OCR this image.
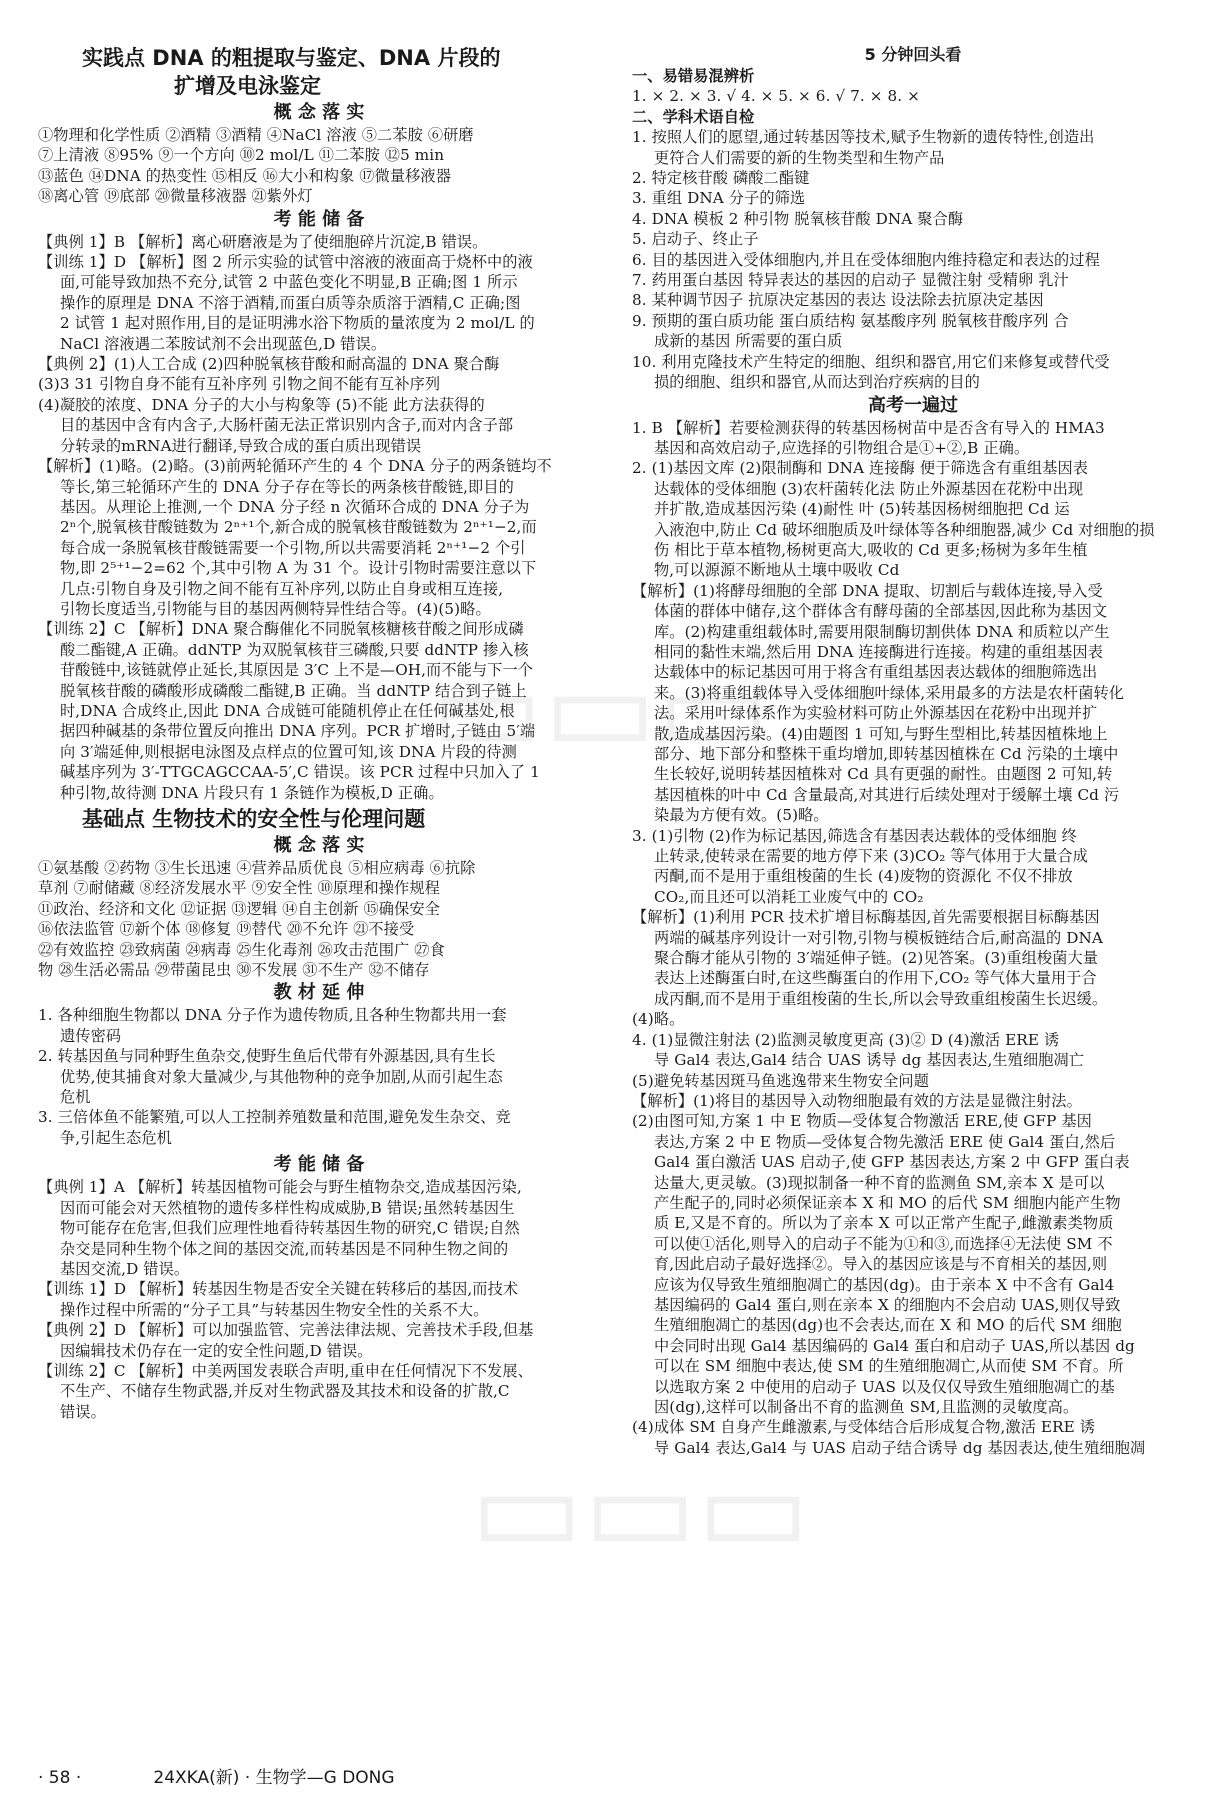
▭▭▭
▭▭▭
实践点 DNA 的粗提取与鉴定、DNA 片段的
扩增及电泳鉴定
概 念 落 实
①物理和化学性质 ②酒精 ③酒精 ④NaCl 溶液 ⑤二苯胺 ⑥研磨
⑦上清液 ⑧95% ⑨一个方向 ⑩2 mol/L ⑪二苯胺 ⑫5 min
⑬蓝色 ⑭DNA 的热变性 ⑮相反 ⑯大小和构象 ⑰微量移液器
⑱离心管 ⑲底部 ⑳微量移液器 ㉑紫外灯
考 能 储 备
【典例 1】B 【解析】离心研磨液是为了使细胞碎片沉淀,B 错误。
【训练 1】D 【解析】图 2 所示实验的试管中溶液的液面高于烧杯中的液
面,可能导致加热不充分,试管 2 中蓝色变化不明显,B 正确;图 1 所示
操作的原理是 DNA 不溶于酒精,而蛋白质等杂质溶于酒精,C 正确;图
2 试管 1 起对照作用,目的是证明沸水浴下物质的量浓度为 2 mol/L 的
NaCl 溶液遇二苯胺试剂不会出现蓝色,D 错误。
【典例 2】(1)人工合成 (2)四种脱氧核苷酸和耐高温的 DNA 聚合酶
(3)3 31 引物自身不能有互补序列 引物之间不能有互补序列
(4)凝胶的浓度、DNA 分子的大小与构象等 (5)不能 此方法获得的
目的基因中含有内含子,大肠杆菌无法正常识别内含子,而对内含子部
分转录的mRNA进行翻译,导致合成的蛋白质出现错误
【解析】(1)略。(2)略。(3)前两轮循环产生的 4 个 DNA 分子的两条链均不
等长,第三轮循环产生的 DNA 分子存在等长的两条核苷酸链,即目的
基因。从理论上推测,一个 DNA 分子经 n 次循环合成的 DNA 分子为
2ⁿ个,脱氧核苷酸链数为 2ⁿ⁺¹个,新合成的脱氧核苷酸链数为 2ⁿ⁺¹−2,而
每合成一条脱氧核苷酸链需要一个引物,所以共需要消耗 2ⁿ⁺¹−2 个引
物,即 2⁵⁺¹−2=62 个,其中引物 A 为 31 个。设计引物时需要注意以下
几点:引物自身及引物之间不能有互补序列,以防止自身或相互连接,
引物长度适当,引物能与目的基因两侧特异性结合等。(4)(5)略。
【训练 2】C 【解析】DNA 聚合酶催化不同脱氧核糖核苷酸之间形成磷
酸二酯键,A 正确。ddNTP 为双脱氧核苷三磷酸,只要 ddNTP 掺入核
苷酸链中,该链就停止延长,其原因是 3′C 上不是—OH,而不能与下一个
脱氧核苷酸的磷酸形成磷酸二酯键,B 正确。当 ddNTP 结合到子链上
时,DNA 合成终止,因此 DNA 合成链可能随机停止在任何碱基处,根
据四种碱基的条带位置反向推出 DNA 序列。PCR 扩增时,子链由 5′端
向 3′端延伸,则根据电泳图及点样点的位置可知,该 DNA 片段的待测
碱基序列为 3′-TTGCAGCCAA-5′,C 错误。该 PCR 过程中只加入了 1
种引物,故待测 DNA 片段只有 1 条链作为模板,D 正确。
基础点 生物技术的安全性与伦理问题
概 念 落 实
①氨基酸 ②药物 ③生长迅速 ④营养品质优良 ⑤相应病毒 ⑥抗除
草剂 ⑦耐储藏 ⑧经济发展水平 ⑨安全性 ⑩原理和操作规程
⑪政治、经济和文化 ⑫证据 ⑬逻辑 ⑭自主创新 ⑮确保安全
⑯依法监管 ⑰新个体 ⑱修复 ⑲替代 ⑳不允许 ㉑不接受
㉒有效监控 ㉓致病菌 ㉔病毒 ㉕生化毒剂 ㉖攻击范围广 ㉗食
物 ㉘生活必需品 ㉙带菌昆虫 ㉚不发展 ㉛不生产 ㉜不储存
教 材 延 伸
1. 各种细胞生物都以 DNA 分子作为遗传物质,且各种生物都共用一套
遗传密码
2. 转基因鱼与同种野生鱼杂交,使野生鱼后代带有外源基因,具有生长
优势,使其捕食对象大量减少,与其他物种的竞争加剧,从而引起生态
危机
3. 三倍体鱼不能繁殖,可以人工控制养殖数量和范围,避免发生杂交、竞
争,引起生态危机
考 能 储 备
【典例 1】A 【解析】转基因植物可能会与野生植物杂交,造成基因污染,
因而可能会对天然植物的遗传多样性构成威胁,B 错误;虽然转基因生
物可能存在危害,但我们应理性地看待转基因生物的研究,C 错误;自然
杂交是同种生物个体之间的基因交流,而转基因是不同种生物之间的
基因交流,D 错误。
【训练 1】D 【解析】转基因生物是否安全关键在转移后的基因,而技术
操作过程中所需的“分子工具”与转基因生物安全性的关系不大。
【典例 2】D 【解析】可以加强监管、完善法律法规、完善技术手段,但基
因编辑技术仍存在一定的安全性问题,D 错误。
【训练 2】C 【解析】中美两国发表联合声明,重申在任何情况下不发展、
不生产、不储存生物武器,并反对生物武器及其技术和设备的扩散,C
错误。
5 分钟回头看
一、易错易混辨析
1. × 2. × 3. √ 4. × 5. × 6. √ 7. × 8. ×
二、学科术语自检
1. 按照人们的愿望,通过转基因等技术,赋予生物新的遗传特性,创造出
更符合人们需要的新的生物类型和生物产品
2. 特定核苷酸 磷酸二酯键
3. 重组 DNA 分子的筛选
4. DNA 模板 2 种引物 脱氧核苷酸 DNA 聚合酶
5. 启动子、终止子
6. 目的基因进入受体细胞内,并且在受体细胞内维持稳定和表达的过程
7. 药用蛋白基因 特异表达的基因的启动子 显微注射 受精卵 乳汁
8. 某种调节因子 抗原决定基因的表达 设法除去抗原决定基因
9. 预期的蛋白质功能 蛋白质结构 氨基酸序列 脱氧核苷酸序列 合
成新的基因 所需要的蛋白质
10. 利用克隆技术产生特定的细胞、组织和器官,用它们来修复或替代受
损的细胞、组织和器官,从而达到治疗疾病的目的
高考一遍过
1. B 【解析】若要检测获得的转基因杨树苗中是否含有导入的 HMA3
基因和高效启动子,应选择的引物组合是①+②,B 正确。
2. (1)基因文库 (2)限制酶和 DNA 连接酶 便于筛选含有重组基因表
达载体的受体细胞 (3)农杆菌转化法 防止外源基因在花粉中出现
并扩散,造成基因污染 (4)耐性 叶 (5)转基因杨树细胞把 Cd 运
入液泡中,防止 Cd 破坏细胞质及叶绿体等各种细胞器,减少 Cd 对细胞的损
伤 相比于草本植物,杨树更高大,吸收的 Cd 更多;杨树为多年生植
物,可以源源不断地从土壤中吸收 Cd
【解析】(1)将酵母细胞的全部 DNA 提取、切割后与载体连接,导入受
体菌的群体中储存,这个群体含有酵母菌的全部基因,因此称为基因文
库。(2)构建重组载体时,需要用限制酶切割供体 DNA 和质粒以产生
相同的黏性末端,然后用 DNA 连接酶进行连接。构建的重组基因表
达载体中的标记基因可用于将含有重组基因表达载体的细胞筛选出
来。(3)将重组载体导入受体细胞叶绿体,采用最多的方法是农杆菌转化
法。采用叶绿体系作为实验材料可防止外源基因在花粉中出现并扩
散,造成基因污染。(4)由题图 1 可知,与野生型相比,转基因植株地上
部分、地下部分和整株干重均增加,即转基因植株在 Cd 污染的土壤中
生长较好,说明转基因植株对 Cd 具有更强的耐性。由题图 2 可知,转
基因植株的叶中 Cd 含量最高,对其进行后续处理对于缓解土壤 Cd 污
染最为方便有效。(5)略。
3. (1)引物 (2)作为标记基因,筛选含有基因表达载体的受体细胞 终
止转录,使转录在需要的地方停下来 (3)CO₂ 等气体用于大量合成
丙酮,而不是用于重组梭菌的生长 (4)废物的资源化 不仅不排放
CO₂,而且还可以消耗工业废气中的 CO₂
【解析】(1)利用 PCR 技术扩增目标酶基因,首先需要根据目标酶基因
两端的碱基序列设计一对引物,引物与模板链结合后,耐高温的 DNA
聚合酶才能从引物的 3′端延伸子链。(2)见答案。(3)重组梭菌大量
表达上述酶蛋白时,在这些酶蛋白的作用下,CO₂ 等气体大量用于合
成丙酮,而不是用于重组梭菌的生长,所以会导致重组梭菌生长迟缓。
(4)略。
4. (1)显微注射法 (2)监测灵敏度更高 (3)② D (4)激活 ERE 诱
导 Gal4 表达,Gal4 结合 UAS 诱导 dg 基因表达,生殖细胞凋亡
(5)避免转基因斑马鱼逃逸带来生物安全问题
【解析】(1)将目的基因导入动物细胞最有效的方法是显微注射法。
(2)由图可知,方案 1 中 E 物质—受体复合物激活 ERE,使 GFP 基因
表达,方案 2 中 E 物质—受体复合物先激活 ERE 使 Gal4 蛋白,然后
Gal4 蛋白激活 UAS 启动子,使 GFP 基因表达,方案 2 中 GFP 蛋白表
达量大,更灵敏。(3)现拟制备一种不育的监测鱼 SM,亲本 X 是可以
产生配子的,同时必须保证亲本 X 和 MO 的后代 SM 细胞内能产生物
质 E,又是不育的。所以为了亲本 X 可以正常产生配子,雌激素类物质
可以使①活化,则导入的启动子不能为①和③,而选择④无法使 SM 不
育,因此启动子最好选择②。导入的基因应该是与不育相关的基因,则
应该为仅导致生殖细胞凋亡的基因(dg)。由于亲本 X 中不含有 Gal4
基因编码的 Gal4 蛋白,则在亲本 X 的细胞内不会启动 UAS,则仅导致
生殖细胞凋亡的基因(dg)也不会表达,而在 X 和 MO 的后代 SM 细胞
中会同时出现 Gal4 基因编码的 Gal4 蛋白和启动子 UAS,所以基因 dg
可以在 SM 细胞中表达,使 SM 的生殖细胞凋亡,从而使 SM 不育。所
以选取方案 2 中使用的启动子 UAS 以及仅仅导致生殖细胞凋亡的基
因(dg),这样可以制备出不育的监测鱼 SM,且监测的灵敏度高。
(4)成体 SM 自身产生雌激素,与受体结合后形成复合物,激活 ERE 诱
导 Gal4 表达,Gal4 与 UAS 启动子结合诱导 dg 基因表达,使生殖细胞凋
· 58 ·	24XKA(新) · 生物学—G DONG
